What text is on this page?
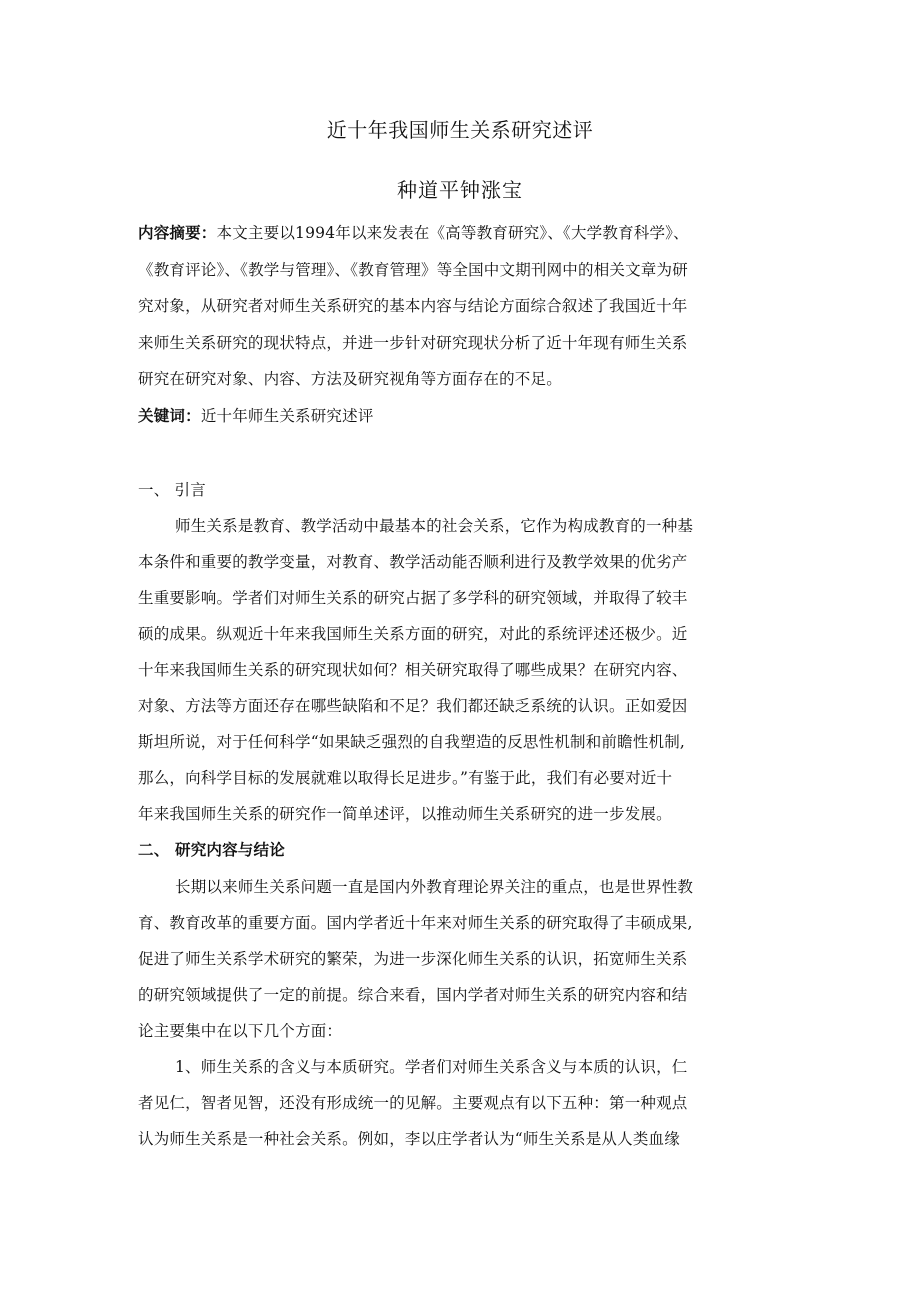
近十年我国师生关系研究述评
种道平钟涨宝
内容摘要：本文主要以1994年以来发表在《高等教育研究》、《大学教育科学》、
《教育评论》、《教学与管理》、《教育管理》等全国中文期刊网中的相关文章为研
究对象，从研究者对师生关系研究的基本内容与结论方面综合叙述了我国近十年
来师生关系研究的现状特点，并进一步针对研究现状分析了近十年现有师生关系
研究在研究对象、内容、方法及研究视角等方面存在的不足。
关键词：近十年师生关系研究述评
一、 引言
师生关系是教育、教学活动中最基本的社会关系，它作为构成教育的一种基
本条件和重要的教学变量，对教育、教学活动能否顺利进行及教学效果的优劣产
生重要影响。学者们对师生关系的研究占据了多学科的研究领域，并取得了较丰
硕的成果。纵观近十年来我国师生关系方面的研究，对此的系统评述还极少。近
十年来我国师生关系的研究现状如何？相关研究取得了哪些成果？在研究内容、
对象、方法等方面还存在哪些缺陷和不足？我们都还缺乏系统的认识。正如爱因
斯坦所说，对于任何科学“如果缺乏强烈的自我塑造的反思性机制和前瞻性机制,
那么，向科学目标的发展就难以取得长足进步。”有鉴于此，我们有必要对近十
年来我国师生关系的研究作一简单述评，以推动师生关系研究的进一步发展。
二、 研究内容与结论
长期以来师生关系问题一直是国内外教育理论界关注的重点，也是世界性教
育、教育改革的重要方面。国内学者近十年来对师生关系的研究取得了丰硕成果,
促进了师生关系学术研究的繁荣，为进一步深化师生关系的认识，拓宽师生关系
的研究领域提供了一定的前提。综合来看，国内学者对师生关系的研究内容和结
论主要集中在以下几个方面：
1、师生关系的含义与本质研究。学者们对师生关系含义与本质的认识，仁
者见仁，智者见智，还没有形成统一的见解。主要观点有以下五种：第一种观点
认为师生关系是一种社会关系。例如，李以庄学者认为“师生关系是从人类血缘
